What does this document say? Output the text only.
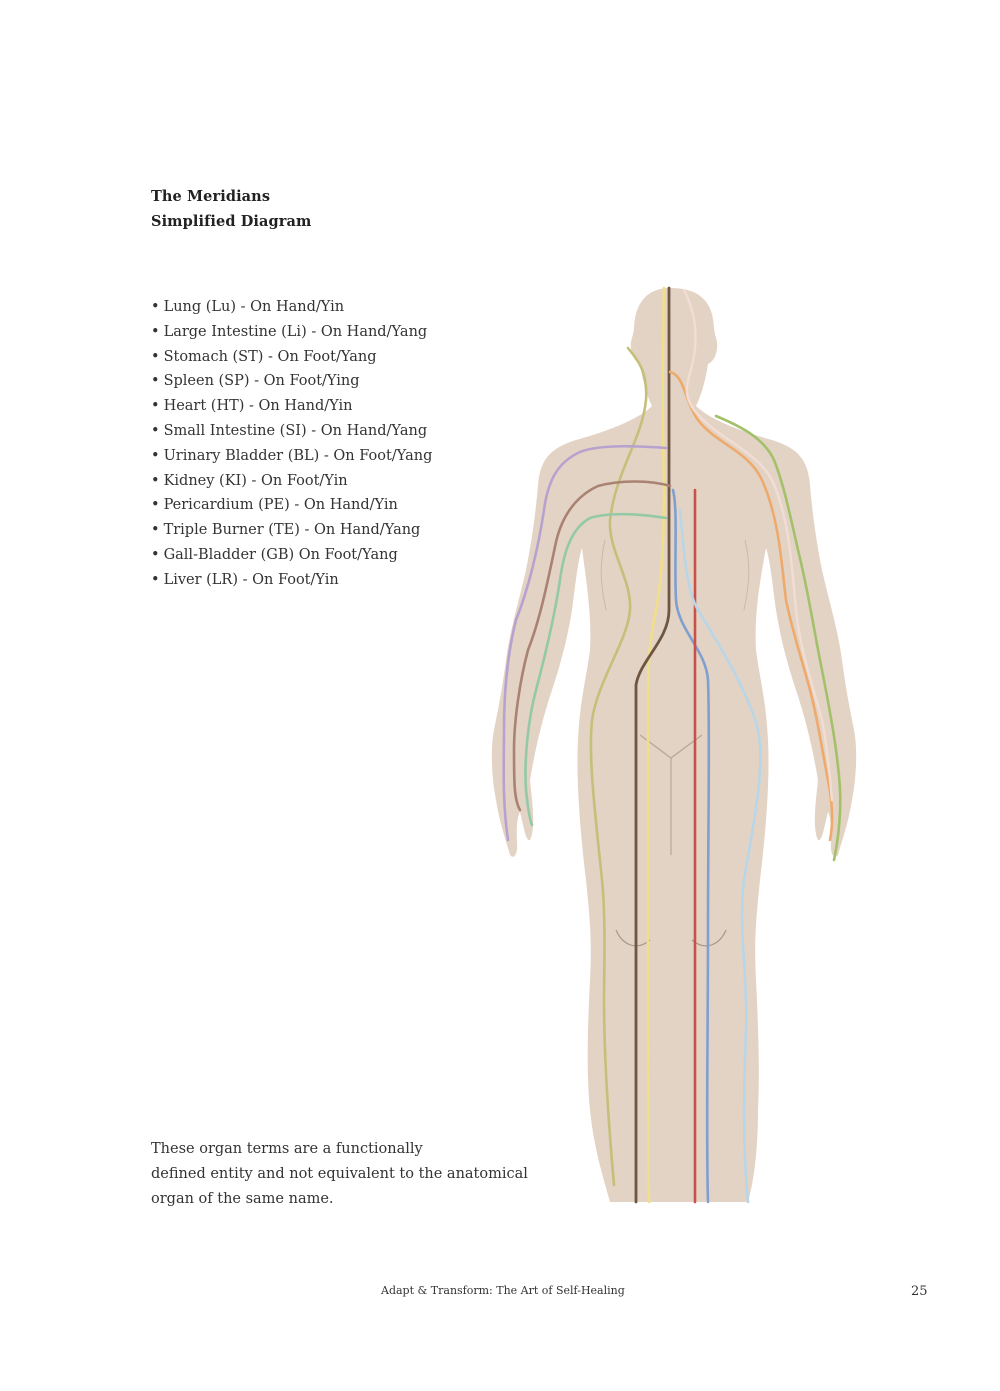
The Meridians
Simplified Diagram
• Lung (Lu) - On Hand/Yin
• Large Intestine (Li) - On Hand/Yang
• Stomach (ST) - On Foot/Yang
• Spleen (SP) - On Foot/Ying
• Heart (HT) - On Hand/Yin
• Small Intestine (SI) - On Hand/Yang
• Urinary Bladder (BL) - On Foot/Yang
• Kidney (KI) - On Foot/Yin
• Pericardium (PE) - On Hand/Yin
• Triple Burner (TE) - On Hand/Yang
• Gall-Bladder (GB) On Foot/Yang
• Liver (LR) - On Foot/Yin
These organ terms are a functionally
defined entity and not equivalent to the anatomical
organ of the same name.
Adapt & Transform: The Art of Self-Healing	25
